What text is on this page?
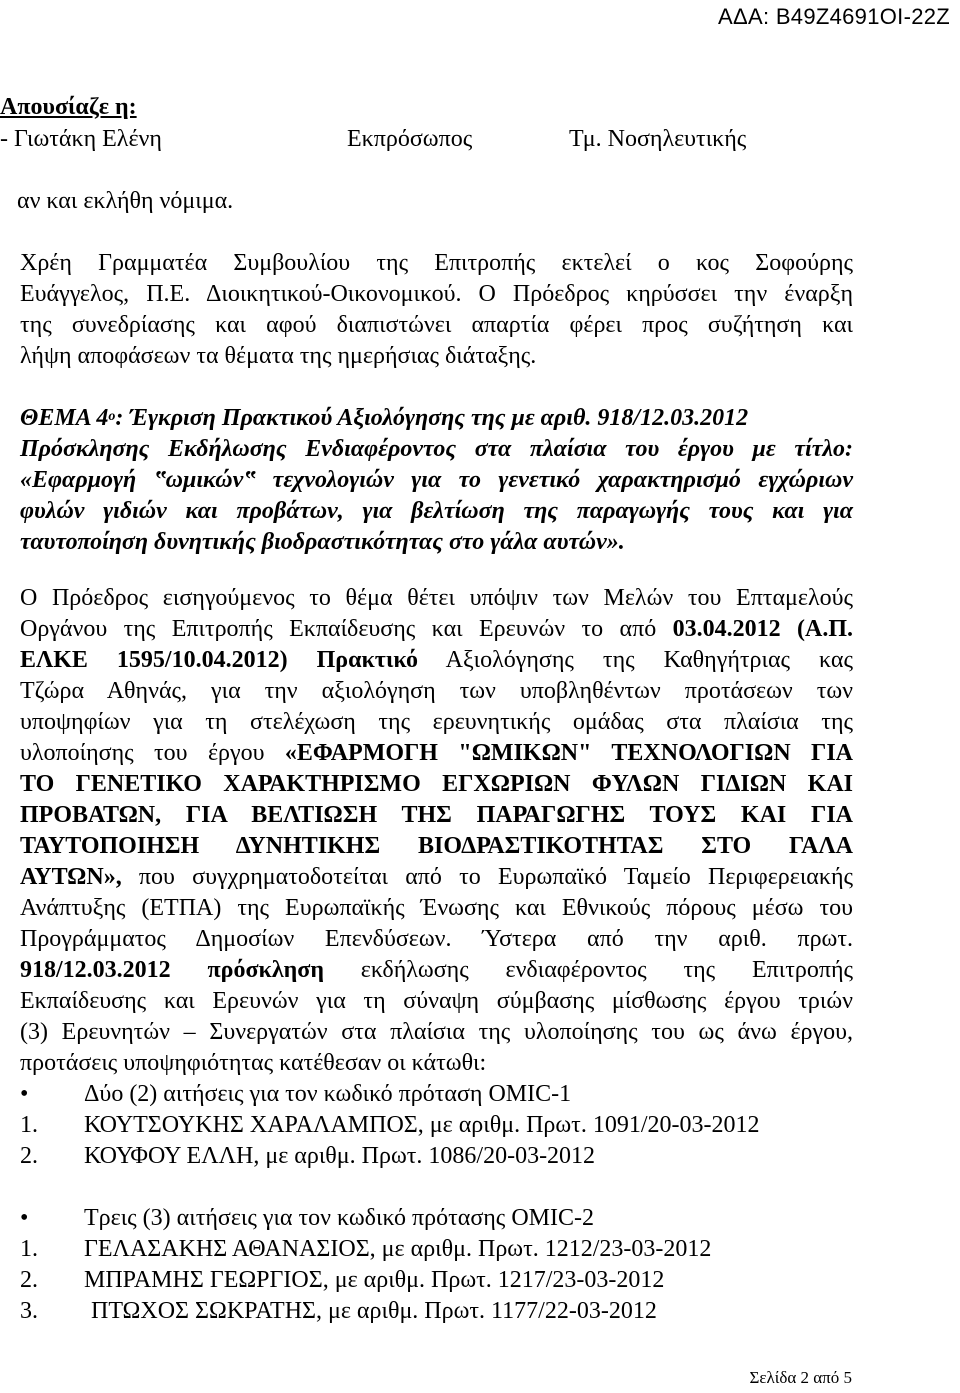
ΑΔΑ: Β49Ζ4691ΟΙ-22Ζ
Απουσίαζε η:
- Γιωτάκη Ελένη	Εκπρόσωπος	Τμ. Νοσηλευτικής
αν και εκλήθη νόμιμα.
Χρέη Γραμματέα Συμβουλίου της Επιτροπής εκτελεί ο κος Σοφούρης
Ευάγγελος, Π.Ε. Διοικητικού-Οικονομικού. Ο Πρόεδρος κηρύσσει την έναρξη
της συνεδρίασης και αφού διαπιστώνει απαρτία φέρει προς συζήτηση και
λήψη αποφάσεων τα θέματα της ημερήσιας διάταξης.
ΘΕΜΑ $4^o$: Έγκριση Πρακτικού Αξιολόγησης της με αριθ. 918/12.03.2012
Πρόσκλησης Εκδήλωσης Ενδιαφέροντος στα πλαίσια του έργου με τίτλο:
«Εφαρμογή ‟ωμικών‟ τεχνολογιών για το γενετικό χαρακτηρισμό εγχώριων
φυλών γιδιών και προβάτων, για βελτίωση της παραγωγής τους και για
ταυτοποίηση δυνητικής βιοδραστικότητας στο γάλα αυτών».
Ο Πρόεδρος εισηγούμενος το θέμα θέτει υπόψιν των Μελών του Επταμελούς
Οργάνου της Επιτροπής Εκπαίδευσης και Ερευνών το από 03.04.2012 (Α.Π.
ΕΛΚΕ 1595/10.04.2012) Πρακτικό Αξιολόγησης της Καθηγήτριας κας
Τζώρα Αθηνάς, για την αξιολόγηση των υποβληθέντων προτάσεων των
υποψηφίων για τη στελέχωση της ερευνητικής ομάδας στα πλαίσια της
υλοποίησης του έργου «ΕΦΑΡΜΟΓΗ "ΩΜΙΚΩΝ" ΤΕΧΝΟΛΟΓΙΩΝ ΓΙΑ
ΤΟ ΓΕΝΕΤΙΚΟ ΧΑΡΑΚΤΗΡΙΣΜΟ ΕΓΧΩΡΙΩΝ ΦΥΛΩΝ ΓΙΔΙΩΝ ΚΑΙ
ΠΡΟΒΑΤΩΝ, ΓΙΑ ΒΕΛΤΙΩΣΗ ΤΗΣ ΠΑΡΑΓΩΓΗΣ ΤΟΥΣ ΚΑΙ ΓΙΑ
ΤΑΥΤΟΠΟΙΗΣΗ ΔΥΝΗΤΙΚΗΣ ΒΙΟΔΡΑΣΤΙΚΟΤΗΤΑΣ ΣΤΟ ΓΑΛΑ
ΑΥΤΩΝ», που συγχρηματοδοτείται από το Ευρωπαϊκό Ταμείο Περιφερειακής
Ανάπτυξης (ΕΤΠΑ) της Ευρωπαϊκής Ένωσης και Εθνικούς πόρους μέσω του
Προγράμματος Δημοσίων Επενδύσεων. Ύστερα από την αριθ. πρωτ.
918/12.03.2012 πρόσκληση εκδήλωσης ενδιαφέροντος της Επιτροπής
Εκπαίδευσης και Ερευνών για τη σύναψη σύμβασης μίσθωσης έργου τριών
(3) Ερευνητών – Συνεργατών στα πλαίσια της υλοποίησης του ως άνω έργου,
προτάσεις υποψηφιότητας κατέθεσαν οι κάτωθι:
• Δύο (2) αιτήσεις για τον κωδικό πρόταση OMIC-1
1. ΚΟΥΤΣΟΥΚΗΣ ΧΑΡΑΛΑΜΠΟΣ, με αριθμ. Πρωτ. 1091/20-03-2012
2. ΚΟΥΦΟΥ ΕΛΛΗ, με αριθμ. Πρωτ. 1086/20-03-2012
• Τρεις (3) αιτήσεις για τον κωδικό πρότασης OMIC-2
1. ΓΕΛΑΣΑΚΗΣ ΑΘΑΝΑΣΙΟΣ, με αριθμ. Πρωτ. 1212/23-03-2012
2. ΜΠΡΑΜΗΣ ΓΕΩΡΓΙΟΣ, με αριθμ. Πρωτ. 1217/23-03-2012
3. ΠΤΩΧΟΣ ΣΩΚΡΑΤΗΣ, με αριθμ. Πρωτ. 1177/22-03-2012
Σελίδα 2 από 5
